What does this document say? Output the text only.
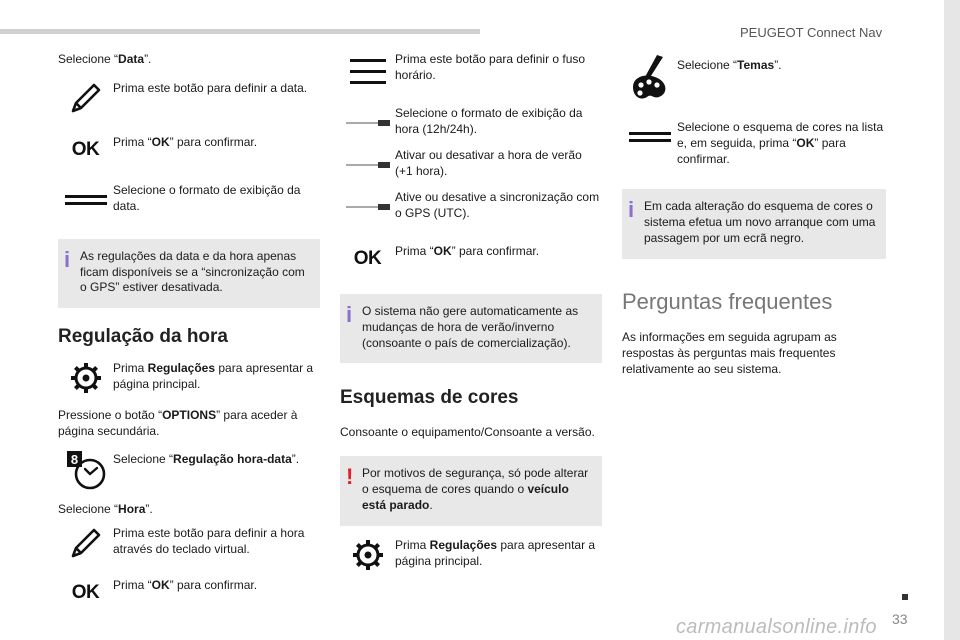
PEUGEOT Connect Nav
33
carmanualsonline.info

Selecione “Data”.

Prima este botão para definir a data.
OK Prima “OK” para confirmar.
Selecione o formato de exibição da data.
i As regulações da data e da hora apenas ficam disponíveis se a “sincronização com o GPS” estiver desativada.
Regulação da hora
Prima Regulações para apresentar a página principal.

Pressione o botão “OPTIONS” para aceder à página secundária.

8	Selecione “Regulação hora-data”.

Selecione “Hora”.

Prima este botão para definir a hora através do teclado virtual.
OK Prima “OK” para confirmar.
Prima este botão para definir o fuso horário.
Selecione o formato de exibição da hora (12h/24h).
Ativar ou desativar a hora de verão (+1 hora).
Ative ou desative a sincronização com o GPS (UTC).
OK Prima “OK” para confirmar.
i O sistema não gere automaticamente as mudanças de hora de verão/inverno (consoante o país de comercialização).
Esquemas de cores

Consoante o equipamento/Consoante a versão.

! Por motivos de segurança, só pode alterar o esquema de cores quando o veículo está parado.
Prima Regulações para apresentar a página principal.
Selecione “Temas”.
Selecione o esquema de cores na lista e, em seguida, prima “OK” para confirmar.
i Em cada alteração do esquema de cores o sistema efetua um novo arranque com uma passagem por um ecrã negro.
Perguntas frequentes

As informações em seguida agrupam as respostas às perguntas mais frequentes relativamente ao seu sistema.
